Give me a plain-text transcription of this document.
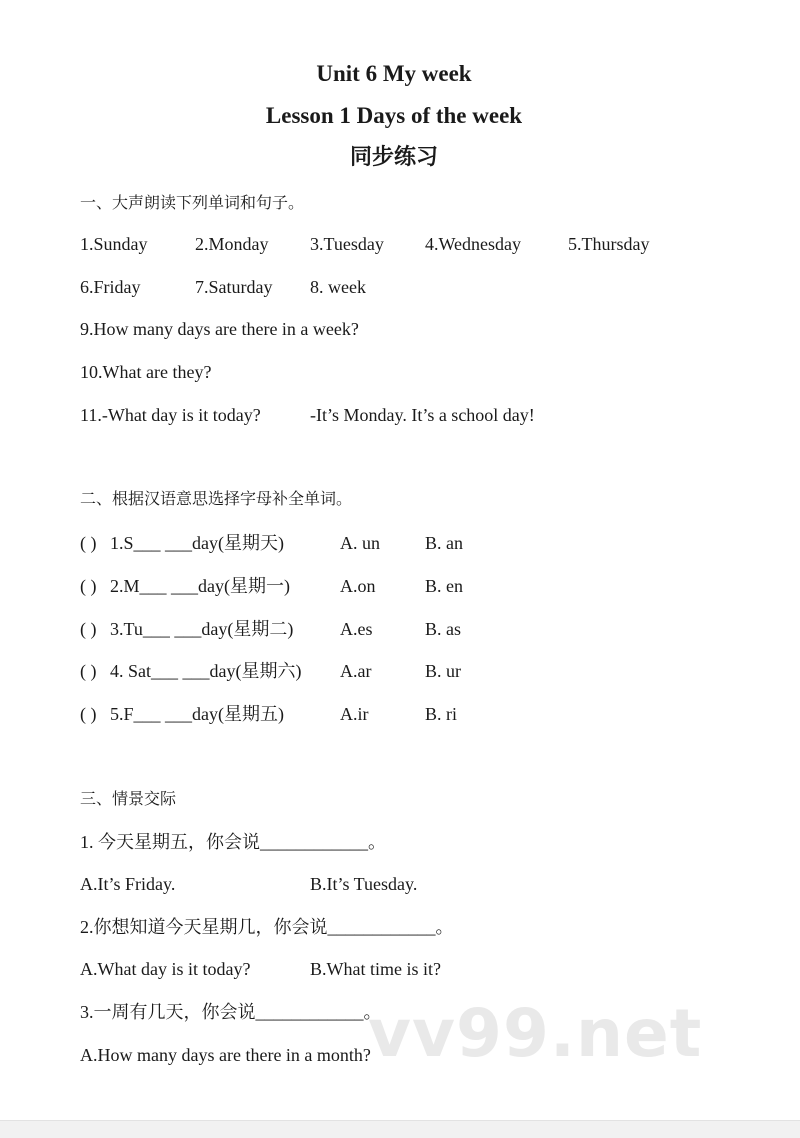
Unit 6 My week
Lesson 1 Days of the week
同步练习
一、大声朗读下列单词和句子。
1.Sunday	2.Monday 3.Tuesday 4.Wednesday	5.Thursday
6.Friday	7.Saturday 8. week
9.How many days are there in a week?
10.What are they?
11.-What day is it today?	-It’s Monday. It’s a school day!
二、根据汉语意思选择字母补全单词。
( ) 1.S___ ___day(星期天)	A. un	B. an
( ) 2.M___ ___day(星期一)	A.on	B. en
( ) 3.Tu___ ___day(星期二)	A.es	B. as
( ) 4. Sat___ ___day(星期六) A.ar	B. ur
( ) 5.F___ ___day(星期五)	A.ir	B. ri
三、情景交际
1. 今天星期五，你会说____________。
A.It’s Friday.	B.It’s Tuesday.
2.你想知道今天星期几，你会说____________。
A.What day is it today?	B.What time is it?
3.一周有几天，你会说____________。
A.How many days are there in a month?
vv99.net
